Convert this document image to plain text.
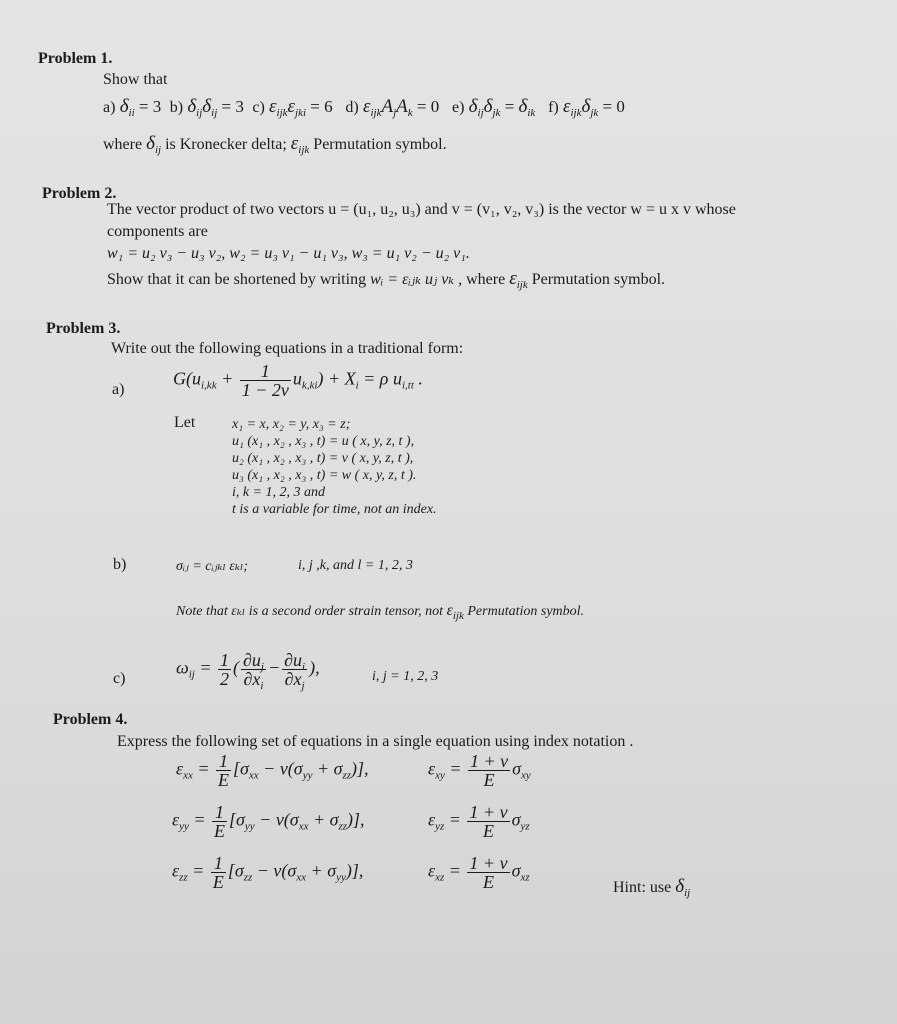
Problem 1.
Show that
a) $\delta_{ii} = 3$ b) $\delta_{ij}\delta_{ij} = 3$ c) $\varepsilon_{ijk}\varepsilon_{jki} = 6$ d) $\varepsilon_{ijk}A_jA_k = 0$ e) $\delta_{ij}\delta_{jk} = \delta_{ik}$ f) $\varepsilon_{ijk}\delta_{jk} = 0$
where $\delta_{ij}$ is Kronecker delta; $\varepsilon_{ijk}$ Permutation symbol.
Problem 2.
The vector product of two vectors u = (u₁, u₂, u₃) and v = (v₁, v₂, v₃) is the vector w = u x v whose
components are
w₁ = u₂ v₃ − u₃ v₂, w₂ = u₃ v₁ − u₁ v₃, w₃ = u₁ v₂ − u₂ v₁.
Show that it can be shortened by writing wᵢ = εᵢⱼₖ uⱼ vₖ , where $\varepsilon_{ijk}$ Permutation symbol.
Problem 3.
Write out the following equations in a traditional form:
a)
$G(u_{i,kk} + \frac{1}{1 - 2\nu} u_{k,ki}) + X_i = \rho$ $u_{i,tt}$ .
Let	x₁ = x, x₂ = y, x₃ = z;
u₁ (x₁ , x₂ , x₃ , t) = u ( x, y, z, t ),
u₂ (x₁ , x₂ , x₃ , t) = v ( x, y, z, t ),
u₃ (x₁ , x₂ , x₃ , t) = w ( x, y, z, t ).
i, k = 1, 2, 3 and
t is a variable for time, not an index.
b)	σᵢⱼ = cᵢⱼₖₗ εₖₗ;	i, j ,k, and l = 1, 2, 3
Note that εₖₗ is a second order strain tensor, not $\varepsilon_{ijk}$ Permutation symbol.
c)
$\omega_{ij} = \frac{1}{2}$ ( $\frac{\partial u_j}{\partial x_i} - \frac{\partial u_i}{\partial x_j}$ ),	i, j = 1, 2, 3
Problem 4.
Express the following set of equations in a single equation using index notation .
$\varepsilon_{xx} = \frac{1}{E} [\sigma_{xx} - \nu(\sigma_{yy} + \sigma_{zz})]$,	$\varepsilon_{xy} = \frac{1 + \nu}{E} \sigma_{xy}$
$\varepsilon_{yy} = \frac{1}{E} [\sigma_{yy} - \nu(\sigma_{xx} + \sigma_{zz})]$,	$\varepsilon_{yz} = \frac{1 + \nu}{E} \sigma_{yz}$
$\varepsilon_{zz} = \frac{1}{E} [\sigma_{zz} - \nu(\sigma_{xx} + \sigma_{yy})]$,	$\varepsilon_{xz} = \frac{1 + \nu}{E} \sigma_{xz}$
Hint: use $\delta_{ij}$
